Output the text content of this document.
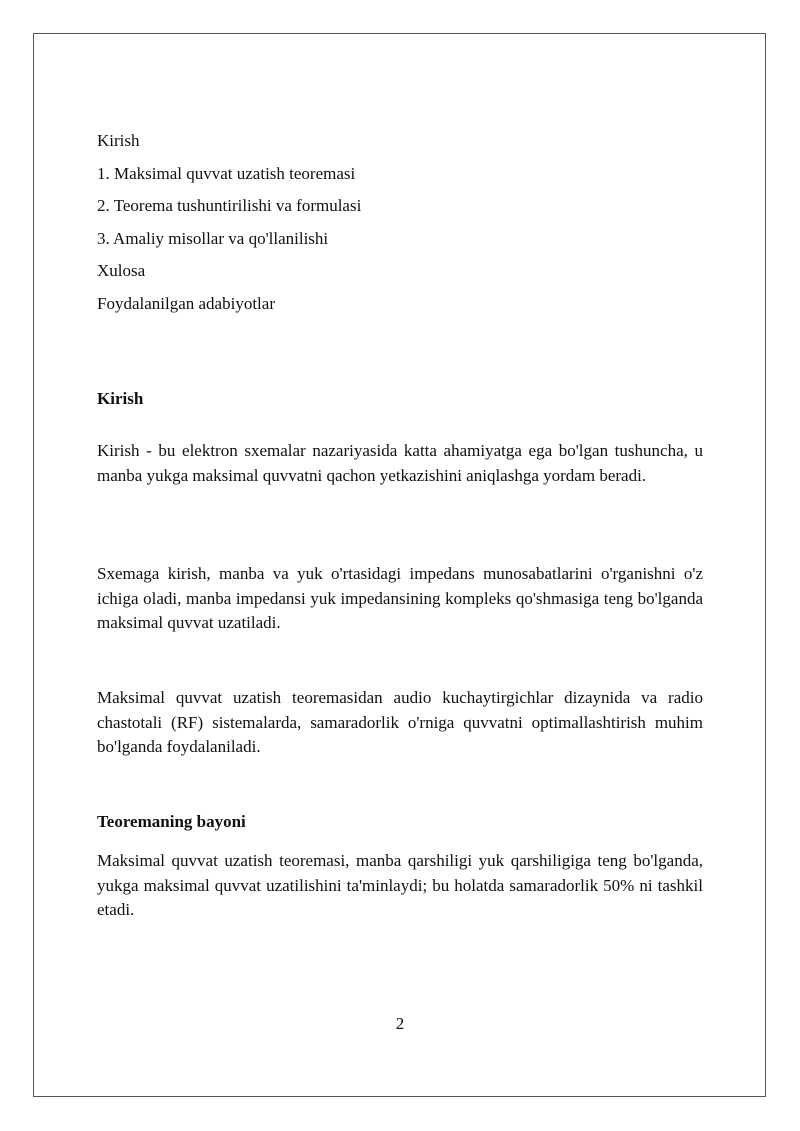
Kirish

1. Maksimal quvvat uzatish teoremasi

2. Teorema tushuntirilishi va formulasi

3. Amaliy misollar va qo'llanilishi

Xulosa

Foydalanilgan adabiyotlar

Kirish

Kirish - bu elektron sxemalar nazariyasida katta ahamiyatga ega bo'lgan tushuncha, u manba yukga maksimal quvvatni qachon yetkazishini aniqlashga yordam beradi.

Sxemaga kirish, manba va yuk o'rtasidagi impedans munosabatlarini o'rganishni o'z ichiga oladi, manba impedansi yuk impedansining kompleks qo'shmasiga teng bo'lganda maksimal quvvat uzatiladi.

Maksimal quvvat uzatish teoremasidan audio kuchaytirgichlar dizaynida va radio chastotali (RF) sistemalarda, samaradorlik o'rniga quvvatni optimallashtirish muhim bo'lganda foydalaniladi.

Teoremaning bayoni

Maksimal quvvat uzatish teoremasi, manba qarshiligi yuk qarshiligiga teng bo'lganda, yukga maksimal quvvat uzatilishini ta'minlaydi; bu holatda samaradorlik 50% ni tashkil etadi.

2
